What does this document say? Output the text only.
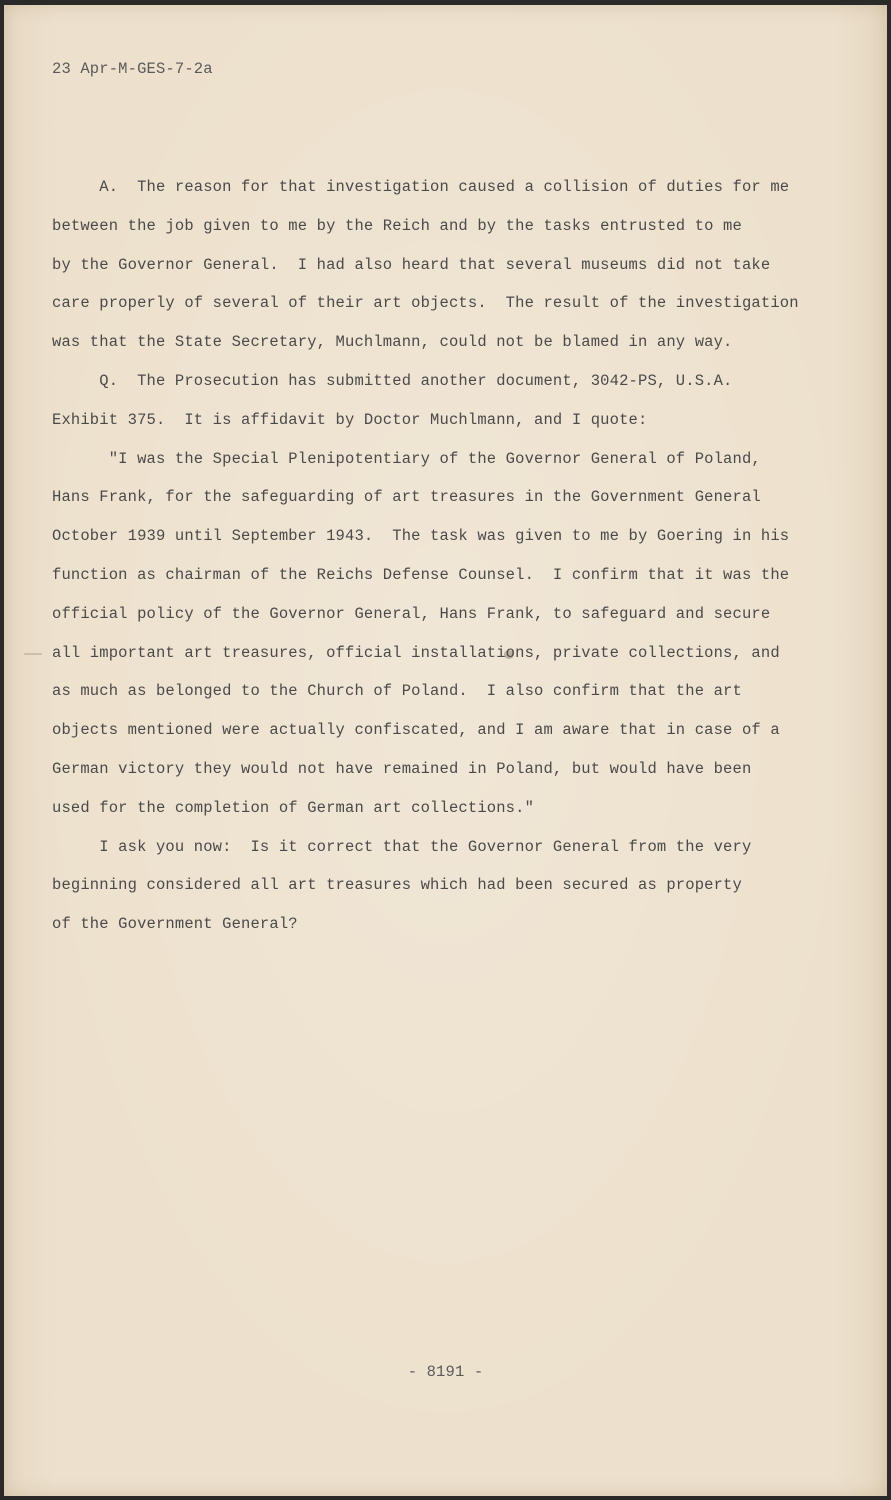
23 Apr-M-GES-7-2a
A.  The reason for that investigation caused a collision of duties for me
between the job given to me by the Reich and by the tasks entrusted to me
by the Governor General.  I had also heard that several museums did not take
care properly of several of their art objects.  The result of the investigation
was that the State Secretary, Muchlmann, could not be blamed in any way.
Q.  The Prosecution has submitted another document, 3042-PS, U.S.A.
Exhibit 375.  It is affidavit by Doctor Muchlmann, and I quote:
"I was the Special Plenipotentiary of the Governor General of Poland,
Hans Frank, for the safeguarding of art treasures in the Government General
October 1939 until September 1943.  The task was given to me by Goering in his
function as chairman of the Reichs Defense Counsel.  I confirm that it was the
official policy of the Governor General, Hans Frank, to safeguard and secure
all important art treasures, official installations, private collections, and
as much as belonged to the Church of Poland.  I also confirm that the art
objects mentioned were actually confiscated, and I am aware that in case of a
German victory they would not have remained in Poland, but would have been
used for the completion of German art collections."
I ask you now:  Is it correct that the Governor General from the very
beginning considered all art treasures which had been secured as property
of the Government General?
- 8191 -
